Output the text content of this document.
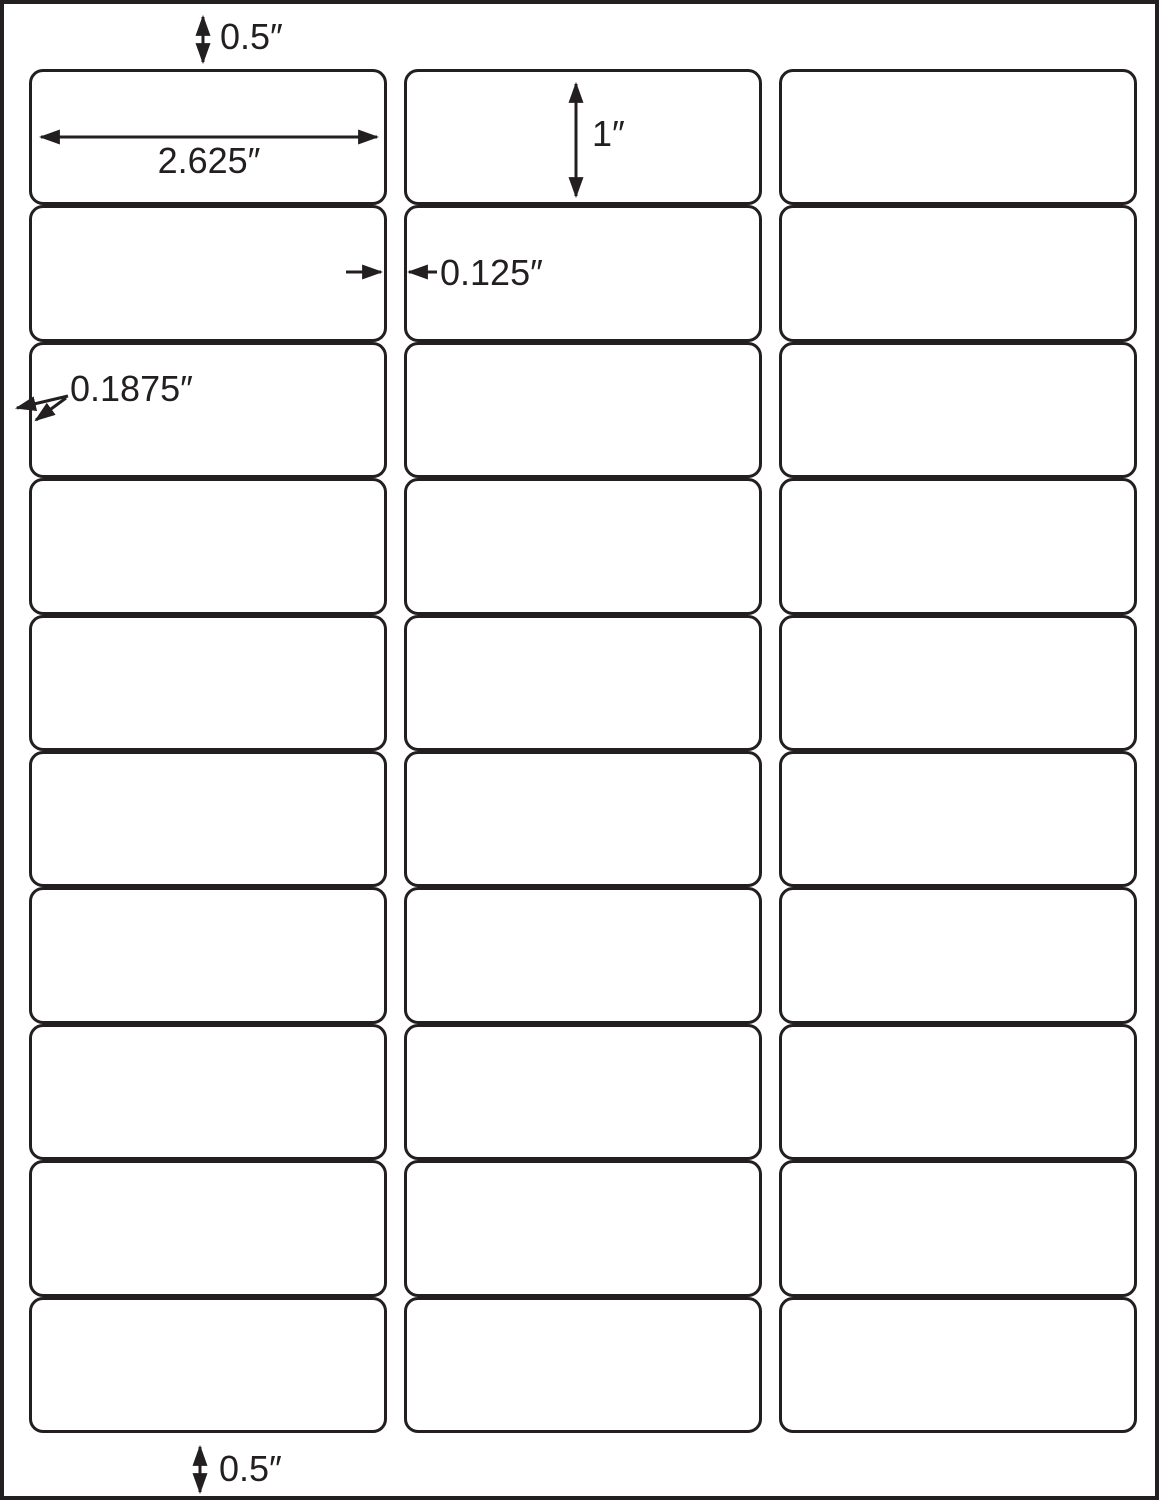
0.5″
2.625″
1″
0.125″
0.1875″
0.5″
